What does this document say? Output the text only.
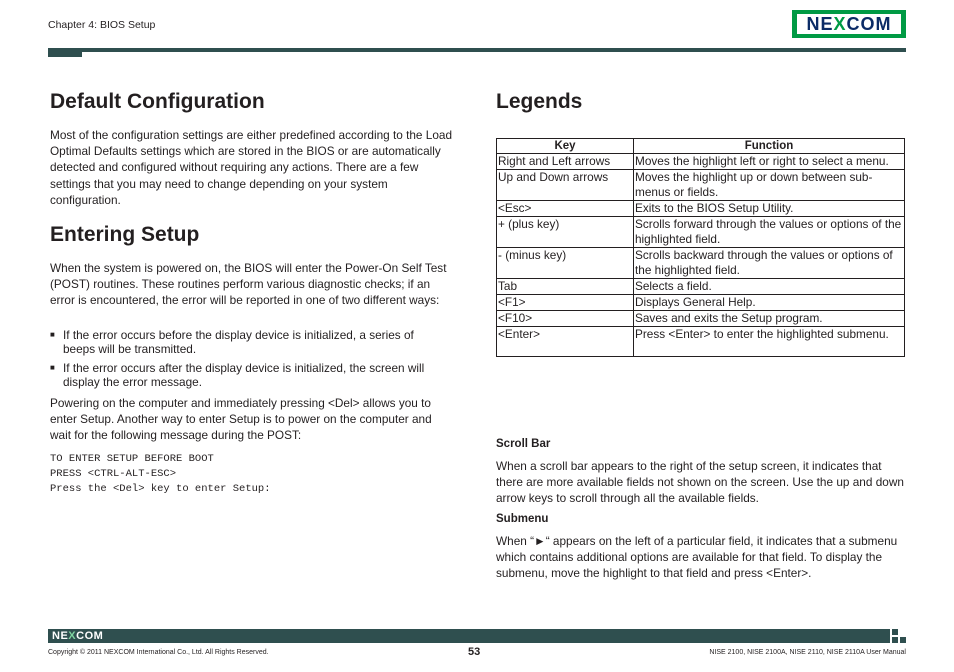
Chapter 4: BIOS Setup	NE X COM
Default Configuration
Most of the configuration settings are either predefined according to the Load Optimal Defaults settings which are stored in the BIOS or are automatically detected and configured without requiring any actions. There are a few settings that you may need to change depending on your system configuration.
Entering Setup
When the system is powered on, the BIOS will enter the Power-On Self Test (POST) routines. These routines perform various diagnostic checks; if an error is encountered, the error will be reported in one of two different ways:
■ If the error occurs before the display device is initialized, a series of beeps will be transmitted.
■ If the error occurs after the display device is initialized, the screen will display the error message.
Powering on the computer and immediately pressing <Del> allows you to enter Setup. Another way to enter Setup is to power on the computer and wait for the following message during the POST:
TO ENTER SETUP BEFORE BOOT
PRESS <CTRL-ALT-ESC>
Press the <Del> key to enter Setup:
Legends
Key	Function
Right and Left arrows	Moves the highlight left or right to select a menu.
Up and Down arrows	Moves the highlight up or down between sub-menus or fields.
<Esc>	Exits to the BIOS Setup Utility.
+ (plus key)	Scrolls forward through the values or options of the highlighted field.
- (minus key)	Scrolls backward through the values or options of the highlighted field.
Tab	Selects a field.
<F1>	Displays General Help.
<F10>	Saves and exits the Setup program.
<Enter>	Press <Enter> to enter the highlighted submenu.
Scroll Bar
When a scroll bar appears to the right of the setup screen, it indicates that there are more available fields not shown on the screen. Use the up and down arrow keys to scroll through all the available fields.
Submenu
When “►“ appears on the left of a particular field, it indicates that a submenu which contains additional options are available for that field. To display the submenu, move the highlight to that field and press <Enter>.
NEXCOM
Copyright © 2011 NEXCOM International Co., Ltd. All Rights Reserved.	53	NISE 2100, NISE 2100A, NISE 2110, NISE 2110A User Manual
